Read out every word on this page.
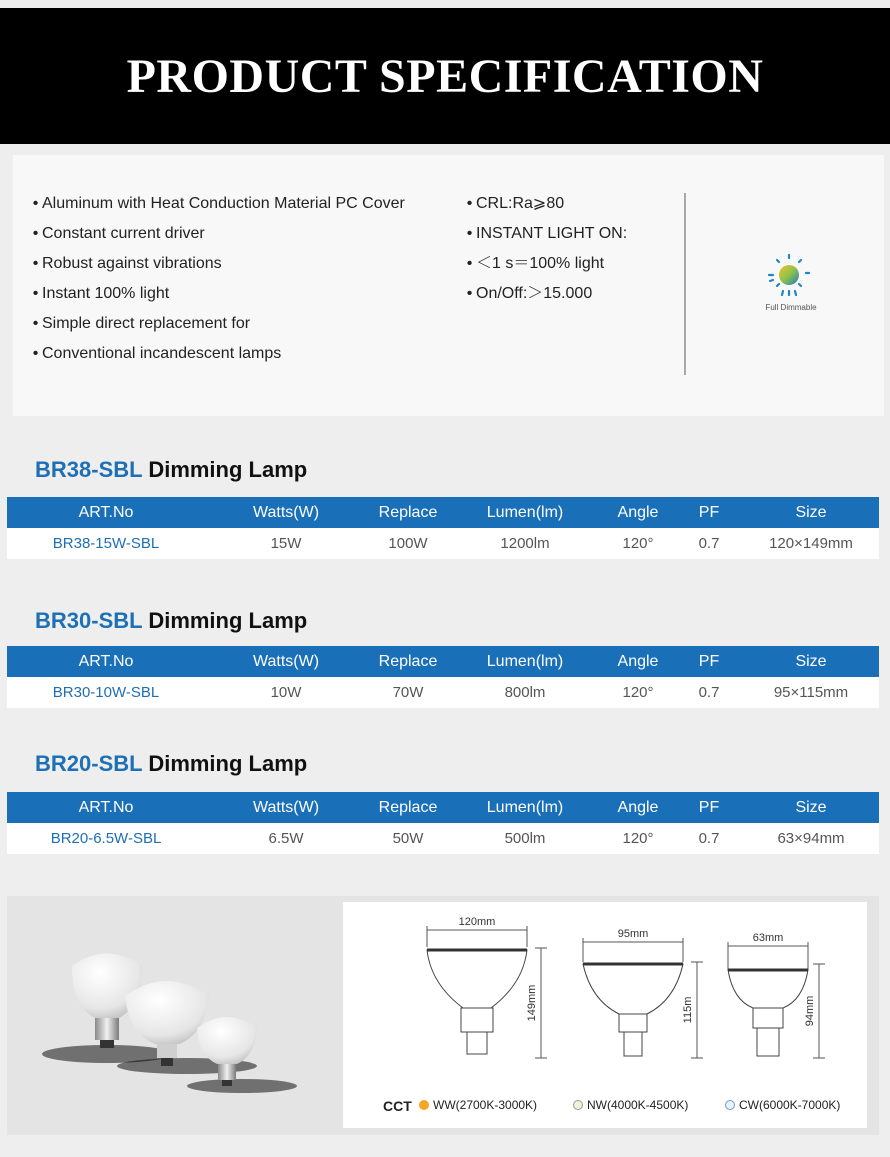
PRODUCT SPECIFICATION
• Aluminum with Heat Conduction Material PC Cover
• Constant current driver
• Robust against vibrations
• Instant 100% light
• Simple direct replacement for
• Conventional incandescent lamps
• CRL:Ra⩾80
• INSTANT LIGHT ON:
• ＜1 s＝100% light
• On/Off:＞15.000
Full Dimmable
BR38-SBL Dimming Lamp
ART.No	Watts(W)	Replace	Lumen(lm)	Angle	PF	Size
BR38-15W-SBL	15W	100W	1200lm	120°	0.7	120×149mm
BR30-SBL Dimming Lamp
ART.No	Watts(W)	Replace	Lumen(lm)	Angle	PF	Size
BR30-10W-SBL	10W	70W	800lm	120°	0.7	95×115mm
BR20-SBL Dimming Lamp
ART.No	Watts(W)	Replace	Lumen(lm)	Angle	PF	Size
BR20-6.5W-SBL	6.5W	50W	500lm	120°	0.7	63×94mm
120mm
95mm	63mm
149mm	115m	94mm
CCT WW(2700K-3000K)	NW(4000K-4500K)	CW(6000K-7000K)
